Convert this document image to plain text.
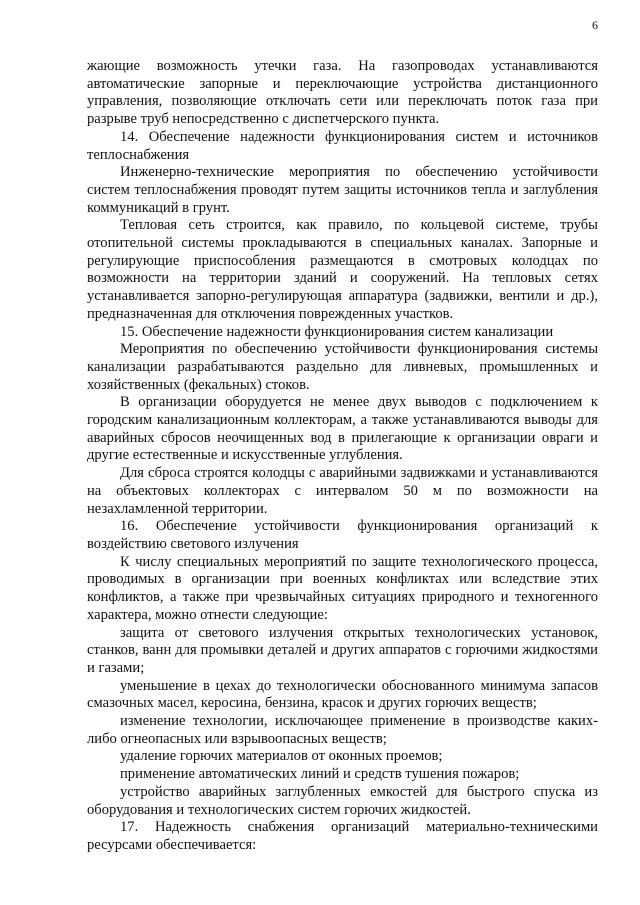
6

жающие возможность утечки газа. На газопроводах устанавливаются автоматические запорные и переключающие устройства дистанционного управления, позволяющие отключать сети или переключать поток газа при разрыве труб непосредственно с диспетчерского пункта.

14. Обеспечение надежности функционирования систем и источников теплоснабжения

Инженерно-технические мероприятия по обеспечению устойчивости систем теплоснабжения проводят путем защиты источников тепла и заглубления коммуникаций в грунт.

Тепловая сеть строится, как правило, по кольцевой системе, трубы отопительной системы прокладываются в специальных каналах. Запорные и регулирующие приспособления размещаются в смотровых колодцах по возможности на территории зданий и сооружений. На тепловых сетях устанавливается запорно-регулирующая аппаратура (задвижки, вентили и др.), предназначенная для отключения поврежденных участков.

15. Обеспечение надежности функционирования систем канализации

Мероприятия по обеспечению устойчивости функционирования системы канализации разрабатываются раздельно для ливневых, промышленных и хозяйственных (фекальных) стоков.

В организации оборудуется не менее двух выводов с подключением к городским канализационным коллекторам, а также устанавливаются выводы для аварийных сбросов неочищенных вод в прилегающие к организации овраги и другие естественные и искусственные углубления.

Для сброса строятся колодцы с аварийными задвижками и устанавливаются на объектовых коллекторах с интервалом 50 м по возможности на незахламленной территории.

16. Обеспечение устойчивости функционирования организаций к воздействию светового излучения

К числу специальных мероприятий по защите технологического процесса, проводимых в организации при военных конфликтах или вследствие этих конфликтов, а также при чрезвычайных ситуациях природного и техногенного характера, можно отнести следующие:

защита от светового излучения открытых технологических установок, станков, ванн для промывки деталей и других аппаратов с горючими жидкостями и газами;

уменьшение в цехах до технологически обоснованного минимума запасов смазочных масел, керосина, бензина, красок и других горючих веществ;

изменение технологии, исключающее применение в производстве каких-либо огнеопасных или взрывоопасных веществ;

удаление горючих материалов от оконных проемов;

применение автоматических линий и средств тушения пожаров;

устройство аварийных заглубленных емкостей для быстрого спуска из оборудования и технологических систем горючих жидкостей.

17. Надежность снабжения организаций материально-техническими ресурсами обеспечивается:
